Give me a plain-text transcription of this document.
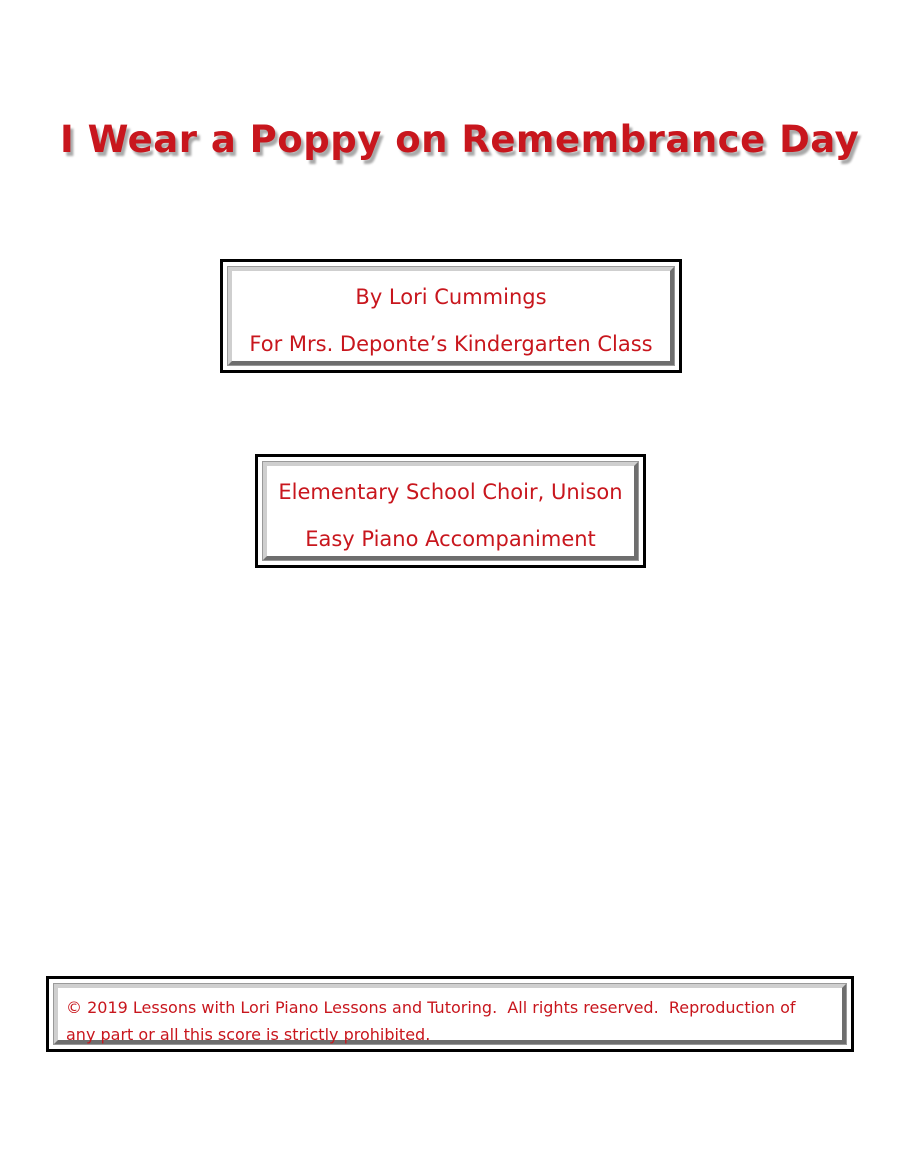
I Wear a Poppy on Remembrance Day
By Lori Cummings
For Mrs. Deponte’s Kindergarten Class
Elementary School Choir, Unison
Easy Piano Accompaniment

© 2019 Lessons with Lori Piano Lessons and Tutoring.  All rights reserved.  Reproduction of

any part or all this score is strictly prohibited.
